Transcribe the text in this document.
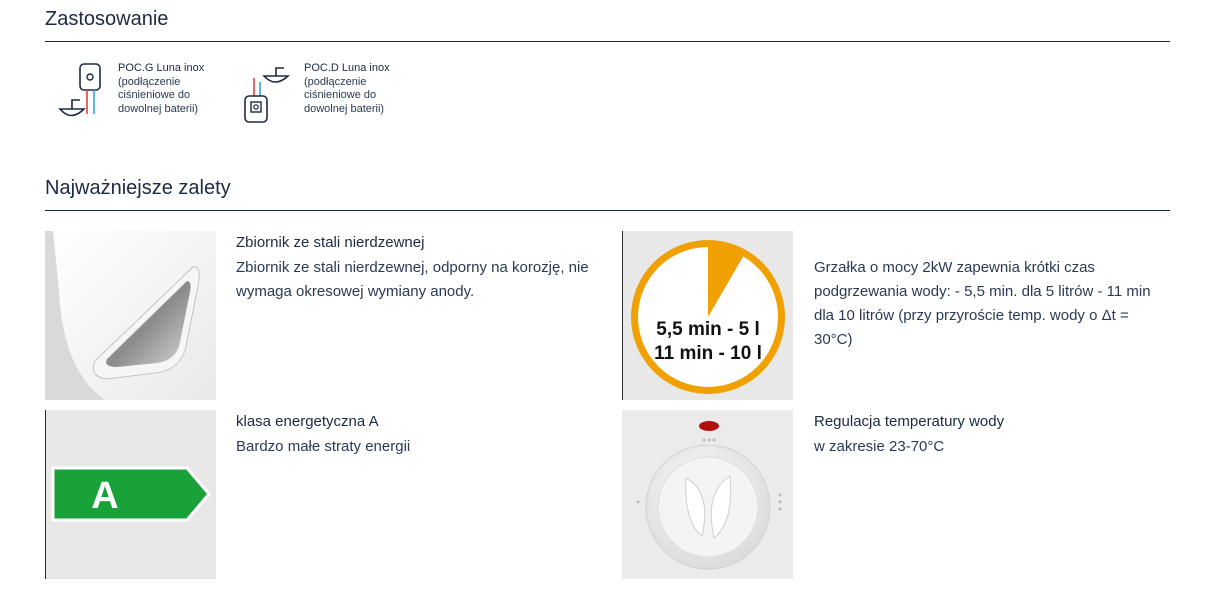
Zastosowanie
POC.G Luna inox
(podłączenie ciśnieniowe do dowolnej baterii)
POC.D Luna inox
(podłączenie ciśnieniowe do dowolnej baterii)
Najważniejsze zalety
Zbiornik ze stali nierdzewnej
Zbiornik ze stali nierdzewnej, odporny na korozję, nie wymaga okresowej wymiany anody.
5,5 min - 5 l
11 min - 10 l
Grzałka o mocy 2kW zapewnia krótki czas podgrzewania wody: - 5,5 min. dla 5 litrów - 11 min dla 10 litrów (przy przyroście temp. wody o Δt = 30°C)
A
klasa energetyczna A
Bardzo małe straty energii
Regulacja temperatury wody
w zakresie 23-70°C
